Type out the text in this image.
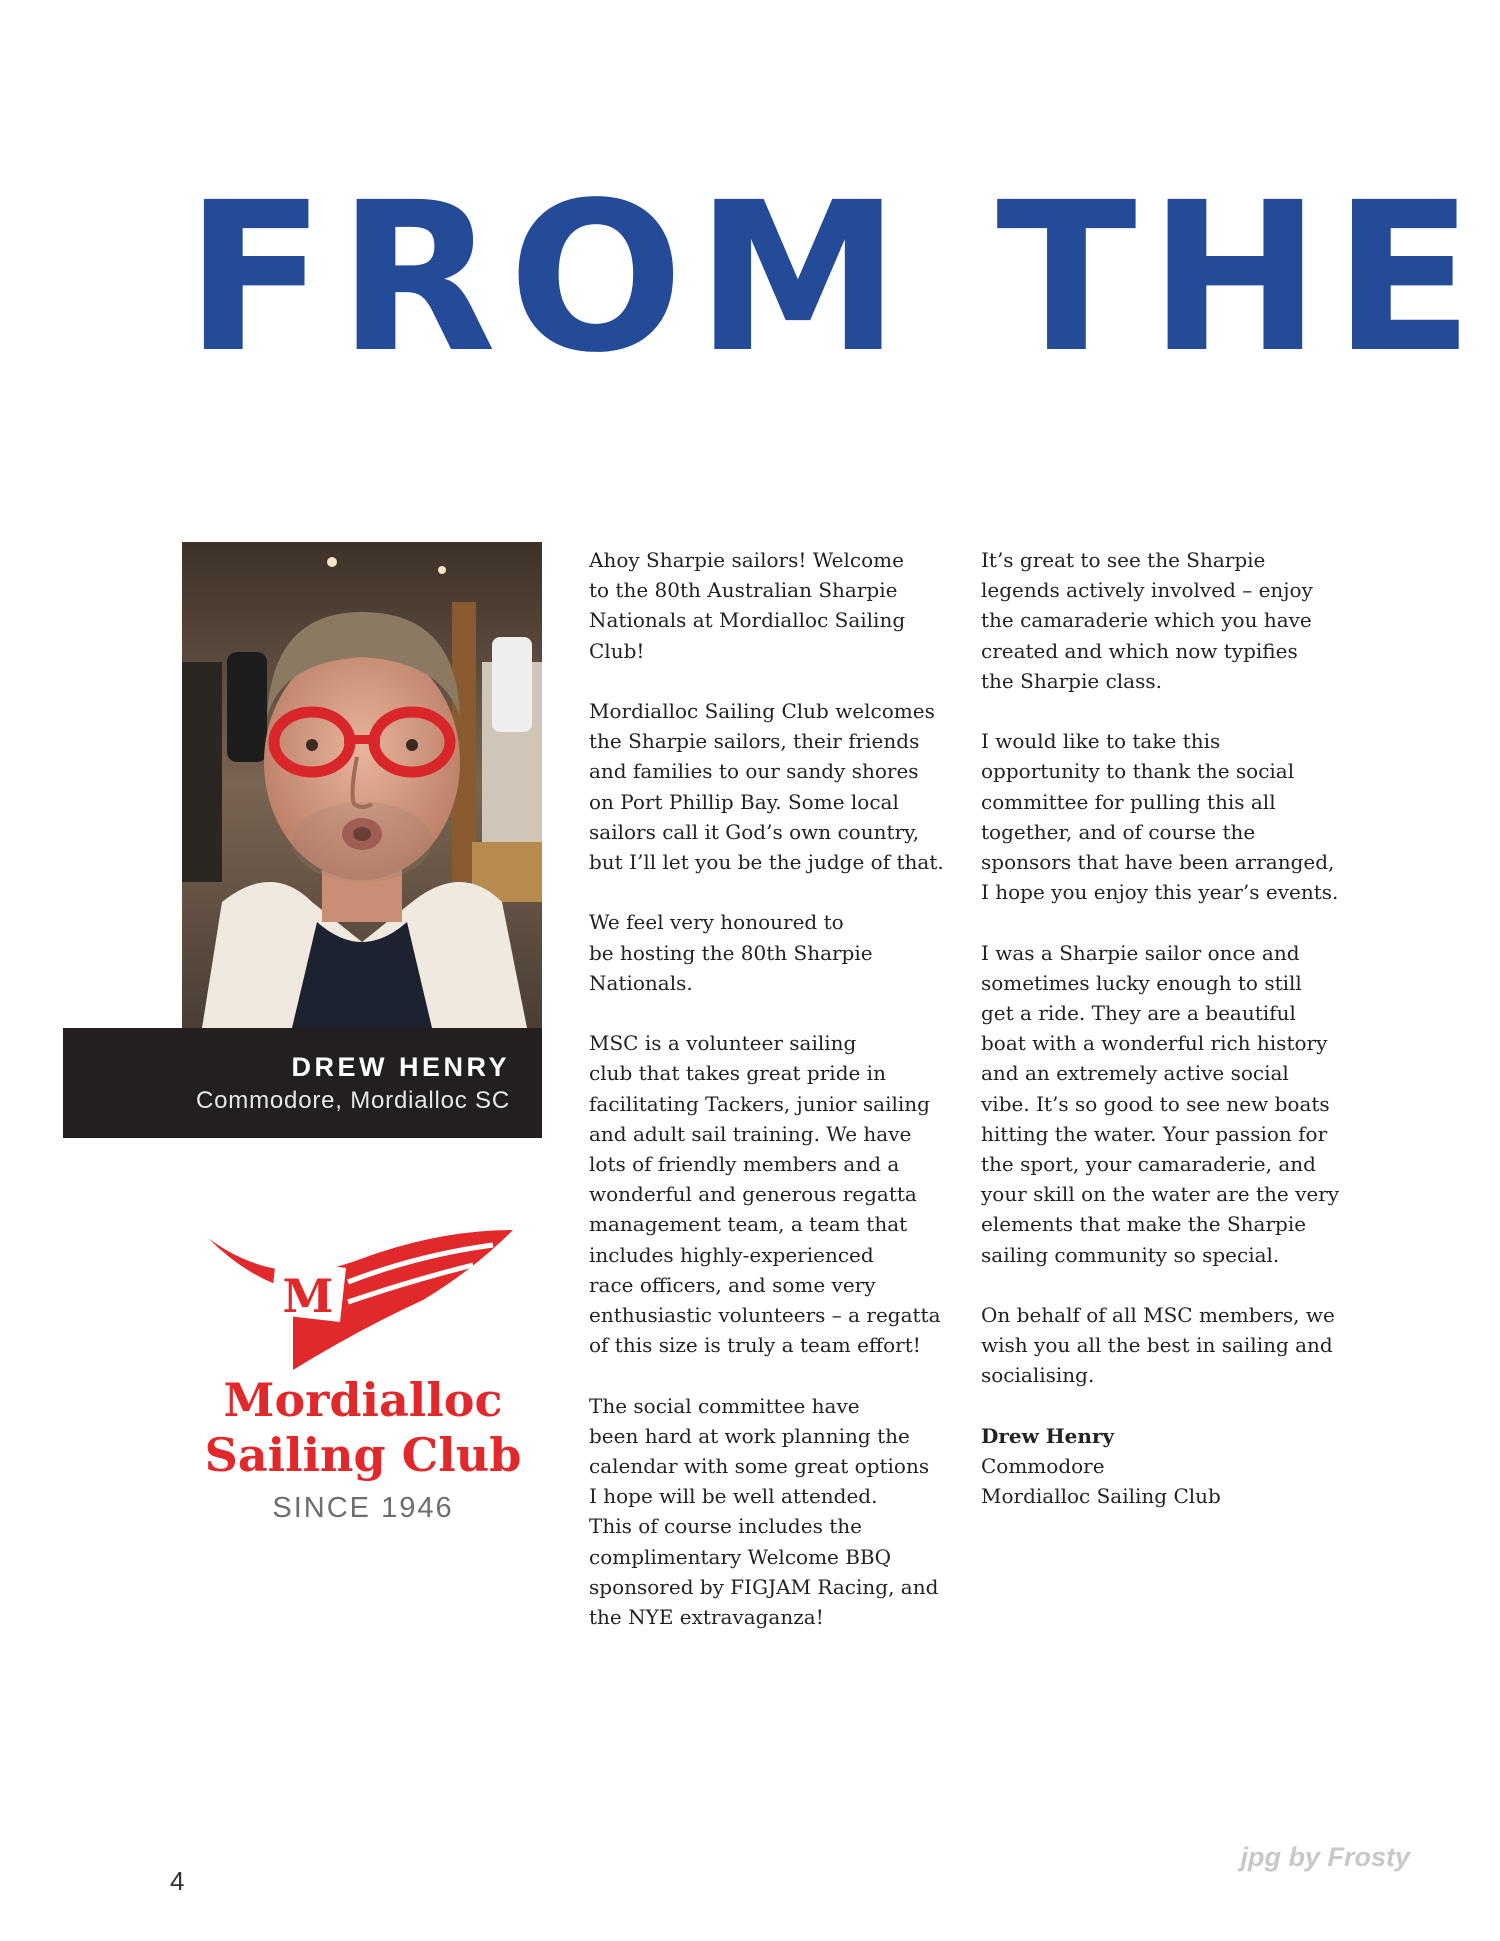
FROM THE
DREW HENRY
Commodore, Mordialloc SC
M
Mordialloc
Sailing Club
SINCE 1946

Ahoy Sharpie sailors! Welcome
to the 80th Australian Sharpie
Nationals at Mordialloc Sailing
Club!

Mordialloc Sailing Club welcomes
the Sharpie sailors, their friends
and families to our sandy shores
on Port Phillip Bay. Some local
sailors call it God’s own country,
but I’ll let you be the judge of that.

We feel very honoured to
be hosting the 80th Sharpie
Nationals.

MSC is a volunteer sailing
club that takes great pride in
facilitating Tackers, junior sailing
and adult sail training. We have
lots of friendly members and a
wonderful and generous regatta
management team, a team that
includes highly-experienced
race officers, and some very
enthusiastic volunteers – a regatta
of this size is truly a team effort!

The social committee have
been hard at work planning the
calendar with some great options
I hope will be well attended.
This of course includes the
complimentary Welcome BBQ
sponsored by FIGJAM Racing, and
the NYE extravaganza!

It’s great to see the Sharpie
legends actively involved – enjoy
the camaraderie which you have
created and which now typifies
the Sharpie class.

I would like to take this
opportunity to thank the social
committee for pulling this all
together, and of course the
sponsors that have been arranged,
I hope you enjoy this year’s events.

I was a Sharpie sailor once and
sometimes lucky enough to still
get a ride. They are a beautiful
boat with a wonderful rich history
and an extremely active social
vibe. It’s so good to see new boats
hitting the water. Your passion for
the sport, your camaraderie, and
your skill on the water are the very
elements that make the Sharpie
sailing community so special.

On behalf of all MSC members, we
wish you all the best in sailing and
socialising.

Drew Henry
Commodore
Mordialloc Sailing Club
4
jpg by Frosty
